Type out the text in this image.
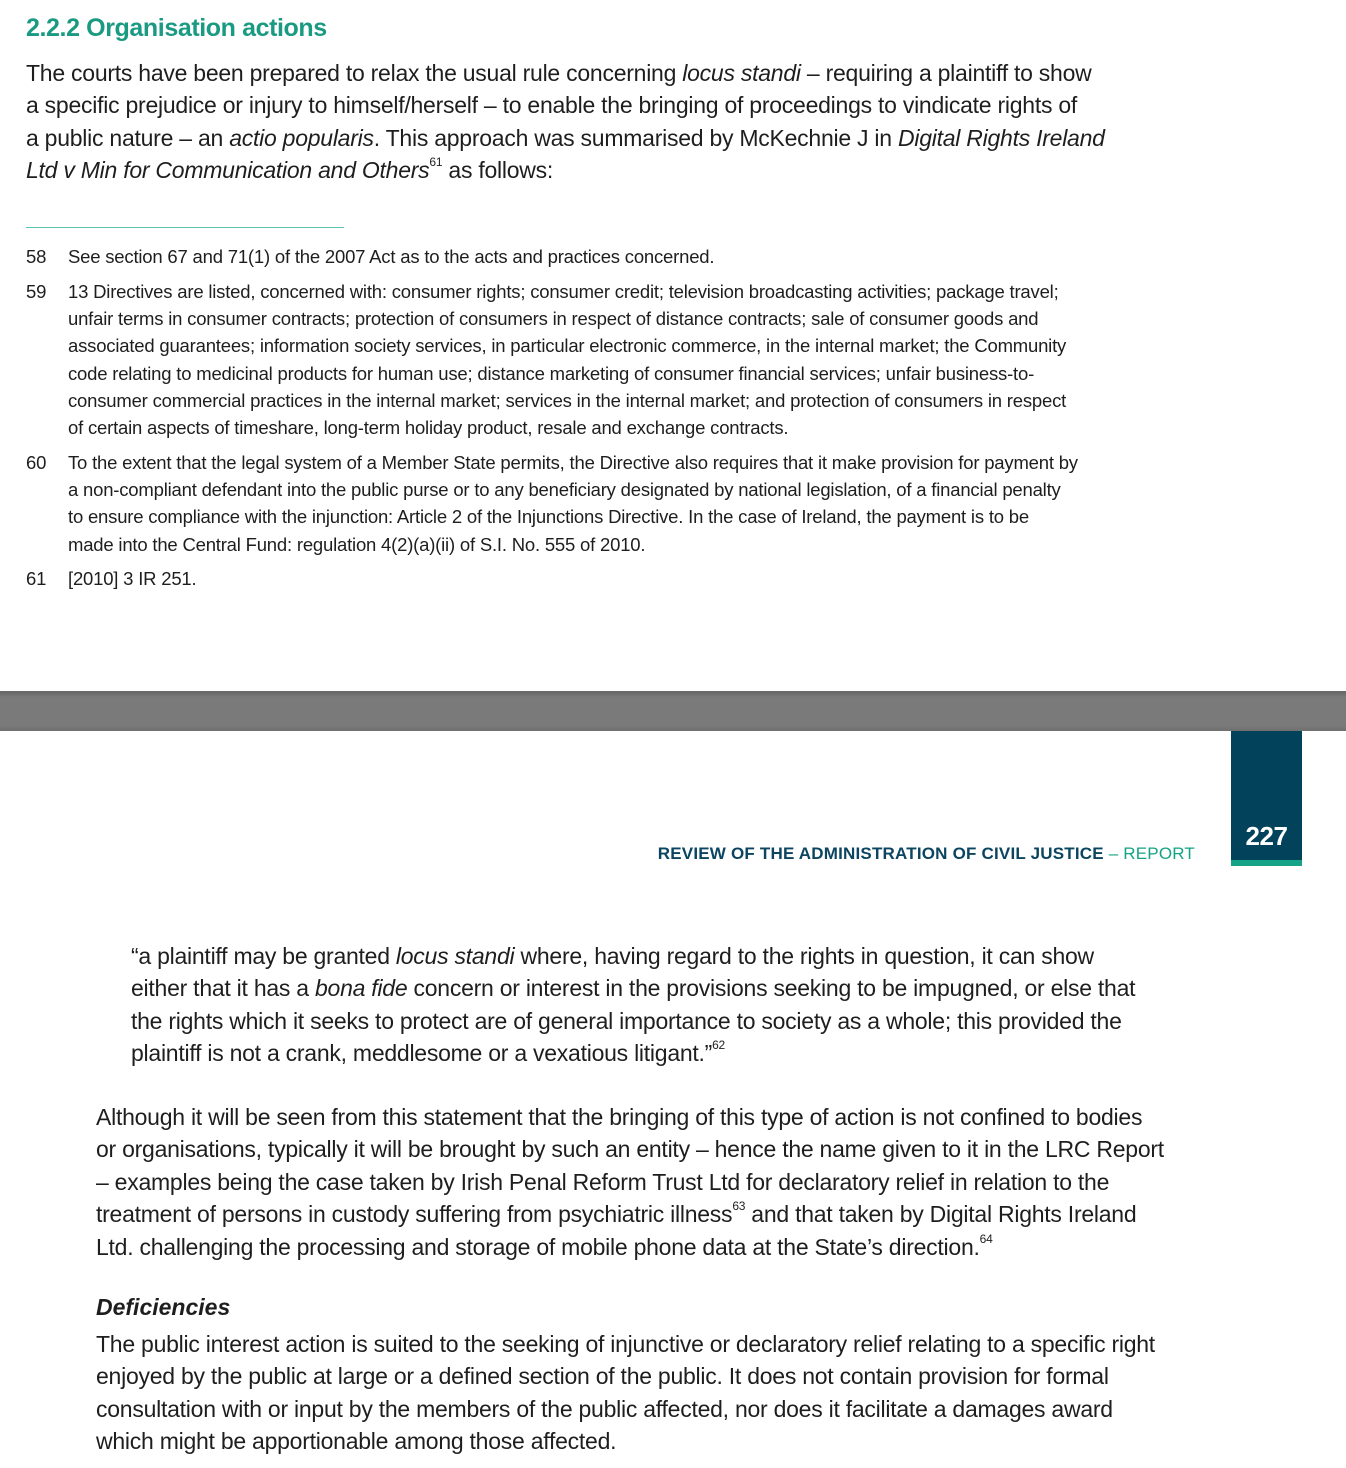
2.2.2 Organisation actions
The courts have been prepared to relax the usual rule concerning locus standi – requiring a plaintiff to show
a specific prejudice or injury to himself/herself – to enable the bringing of proceedings to vindicate rights of
a public nature – an actio popularis. This approach was summarised by McKechnie J in Digital Rights Ireland
Ltd v Min for Communication and Others$^{61}$ as follows:
58 See section 67 and 71(1) of the 2007 Act as to the acts and practices concerned.
59 13 Directives are listed, concerned with: consumer rights; consumer credit; television broadcasting activities; package travel;
unfair terms in consumer contracts; protection of consumers in respect of distance contracts; sale of consumer goods and
associated guarantees; information society services, in particular electronic commerce, in the internal market; the Community
code relating to medicinal products for human use; distance marketing of consumer financial services; unfair business-to-
consumer commercial practices in the internal market; services in the internal market; and protection of consumers in respect
of certain aspects of timeshare, long-term holiday product, resale and exchange contracts.
60 To the extent that the legal system of a Member State permits, the Directive also requires that it make provision for payment by
a non-compliant defendant into the public purse or to any beneficiary designated by national legislation, of a financial penalty
to ensure compliance with the injunction: Article 2 of the Injunctions Directive. In the case of Ireland, the payment is to be
made into the Central Fund: regulation 4(2)(a)(ii) of S.I. No. 555 of 2010.
61 [2010] 3 IR 251.
227
REVIEW OF THE ADMINISTRATION OF CIVIL JUSTICE – REPORT
“a plaintiff may be granted locus standi where, having regard to the rights in question, it can show
either that it has a bona fide concern or interest in the provisions seeking to be impugned, or else that
the rights which it seeks to protect are of general importance to society as a whole; this provided the
plaintiff is not a crank, meddlesome or a vexatious litigant.”$^{62}$
Although it will be seen from this statement that the bringing of this type of action is not confined to bodies
or organisations, typically it will be brought by such an entity – hence the name given to it in the LRC Report
– examples being the case taken by Irish Penal Reform Trust Ltd for declaratory relief in relation to the
treatment of persons in custody suffering from psychiatric illness$^{63}$ and that taken by Digital Rights Ireland
Ltd. challenging the processing and storage of mobile phone data at the State’s direction.$^{64}$
Deficiencies
The public interest action is suited to the seeking of injunctive or declaratory relief relating to a specific right
enjoyed by the public at large or a defined section of the public. It does not contain provision for formal
consultation with or input by the members of the public affected, nor does it facilitate a damages award
which might be apportionable among those affected.
